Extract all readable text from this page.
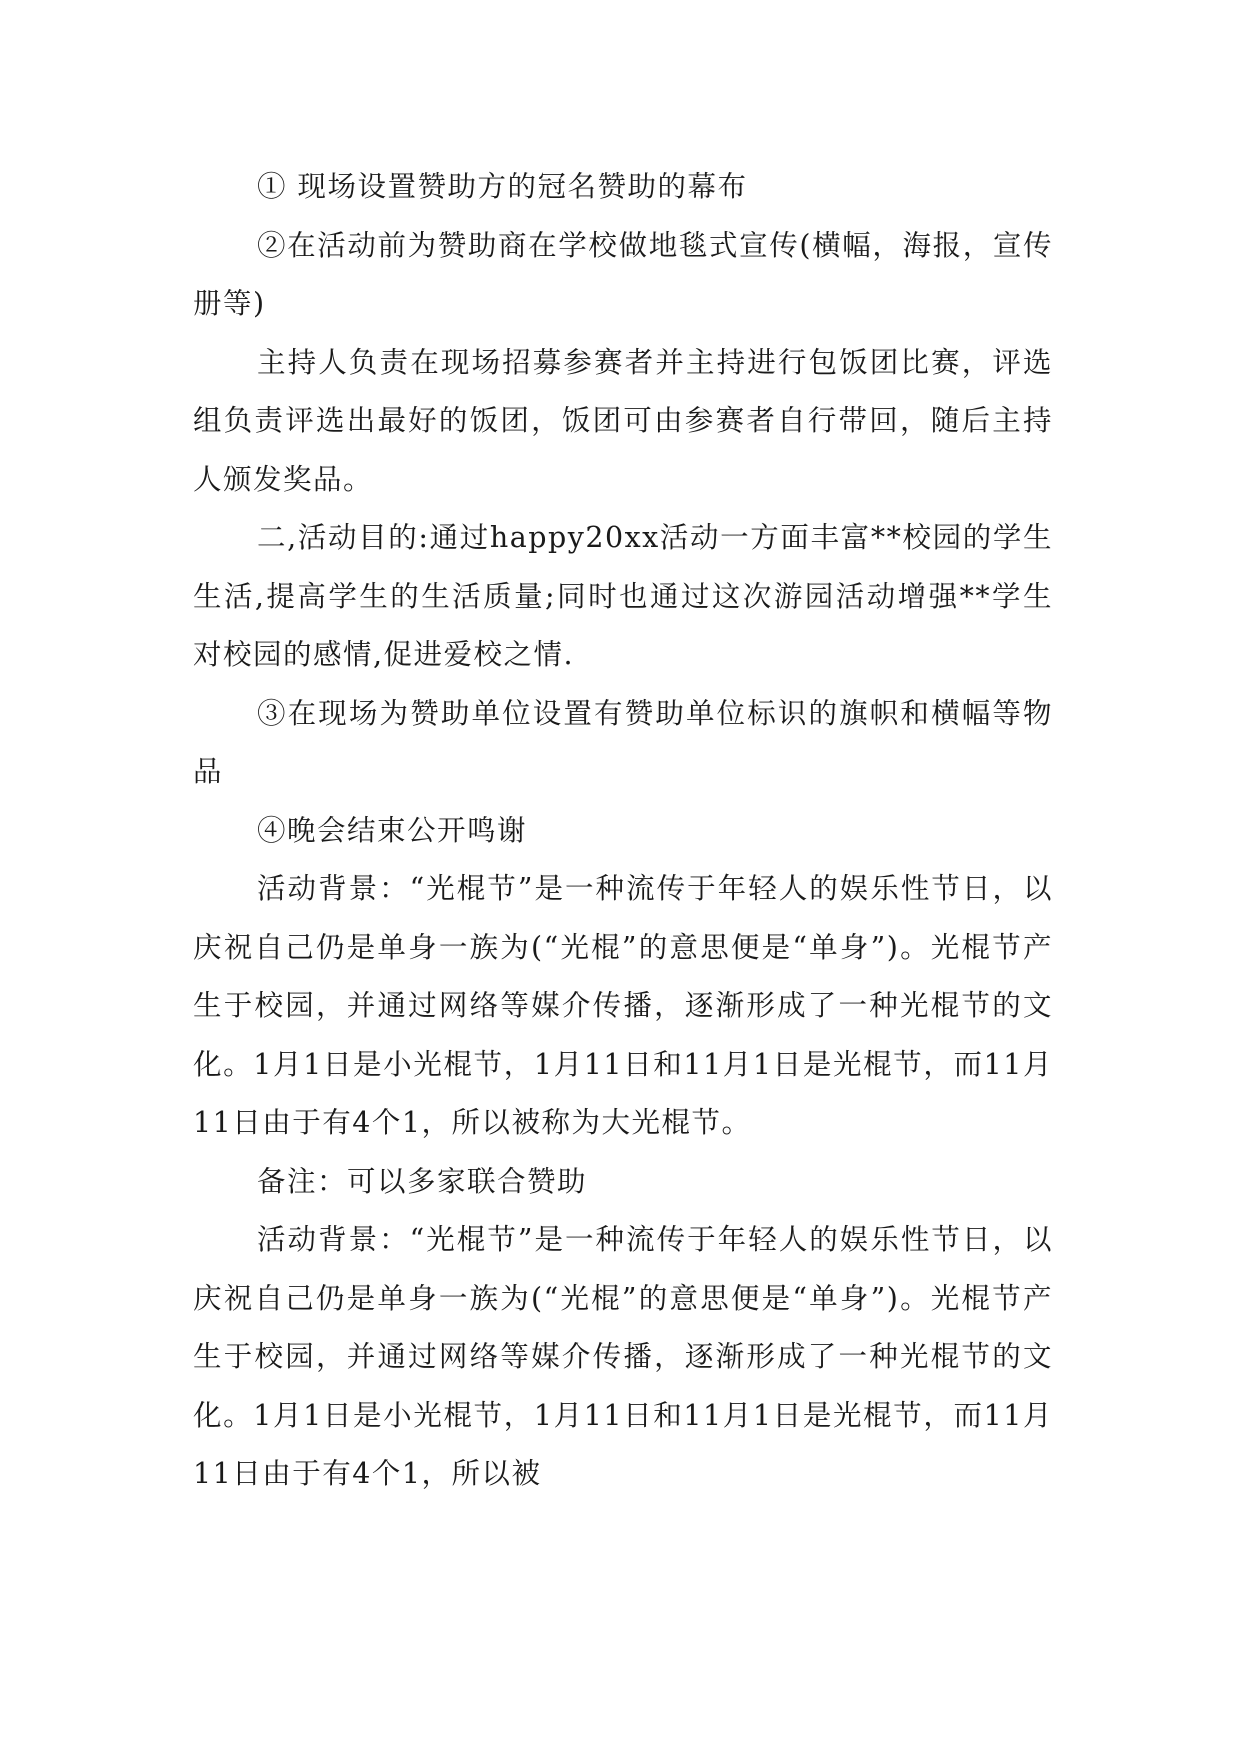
① 现场设置赞助方的冠名赞助的幕布

②在活动前为赞助商在学校做地毯式宣传(横幅，海报，宣传册等)

主持人负责在现场招募参赛者并主持进行包饭团比赛，评选组负责评选出最好的饭团，饭团可由参赛者自行带回，随后主持人颁发奖品。

二,活动目的:通过happy20xx活动一方面丰富**校园的学生生活,提高学生的生活质量;同时也通过这次游园活动增强**学生对校园的感情,促进爱校之情.

③在现场为赞助单位设置有赞助单位标识的旗帜和横幅等物品

④晚会结束公开鸣谢

活动背景：“光棍节”是一种流传于年轻人的娱乐性节日，以庆祝自己仍是单身一族为(“光棍”的意思便是“单身”)。光棍节产生于校园，并通过网络等媒介传播，逐渐形成了一种光棍节的文化。1月1日是小光棍节，1月11日和11月1日是光棍节，而11月11日由于有4个1，所以被称为大光棍节。

备注：可以多家联合赞助

活动背景：“光棍节”是一种流传于年轻人的娱乐性节日，以庆祝自己仍是单身一族为(“光棍”的意思便是“单身”)。光棍节产生于校园，并通过网络等媒介传播，逐渐形成了一种光棍节的文化。1月1日是小光棍节，1月11日和11月1日是光棍节，而11月11日由于有4个1，所以被
